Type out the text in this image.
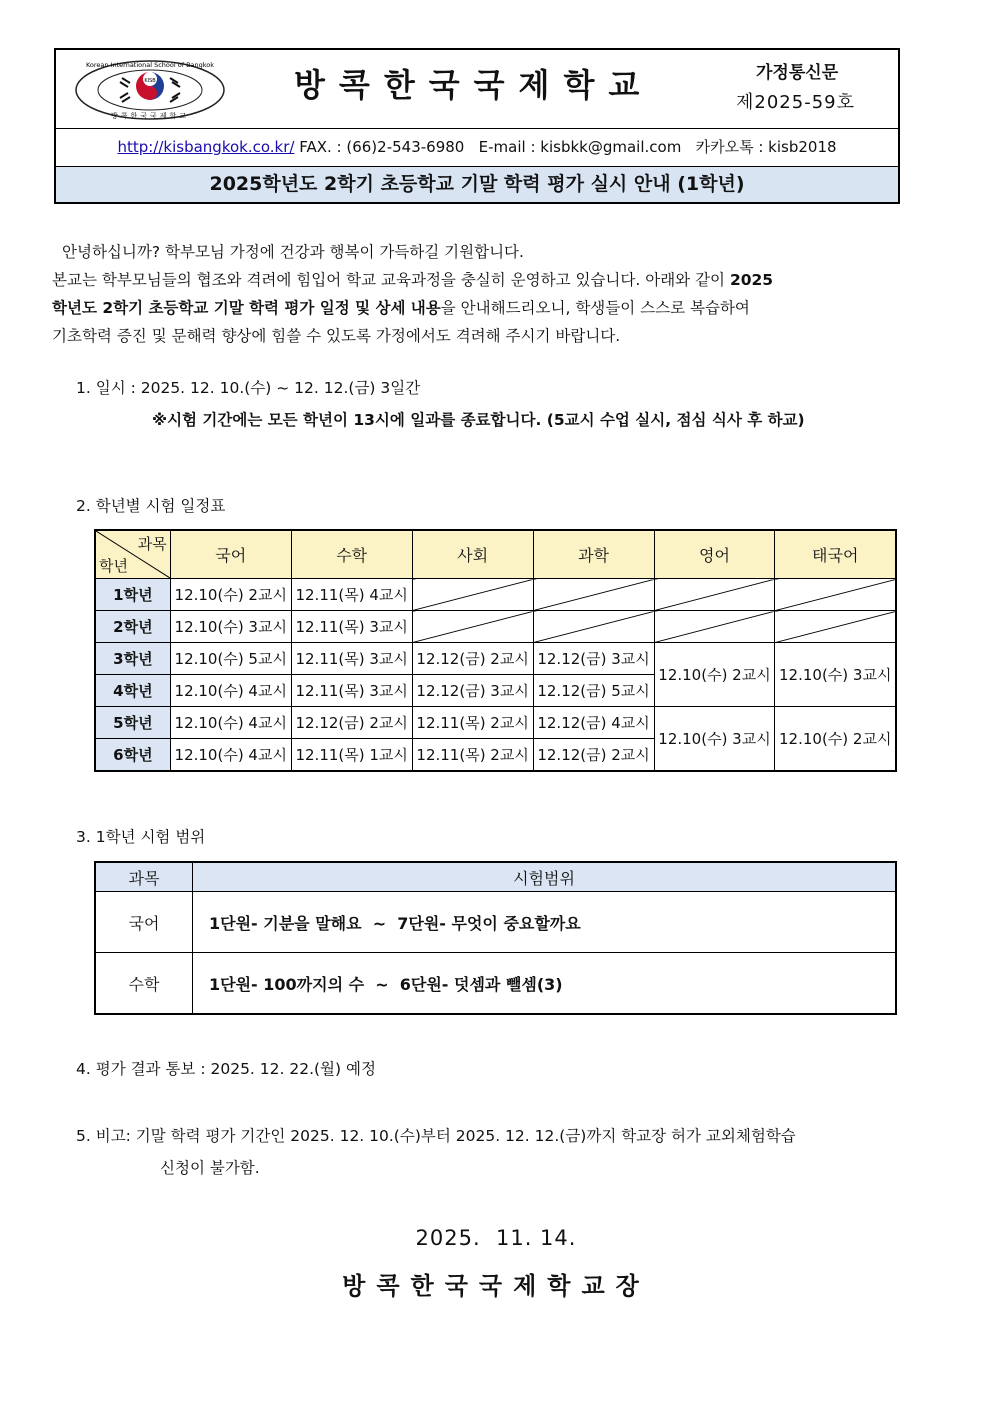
Korean International School of Bangkok
KISB
방콕한국국제학교
방콕한국국제학교	가정통신문
제2025-59호
http://kisbangkok.co.kr/ FAX. : (66)2-543-6980 E-mail : kisbkk@gmail.com 카카오톡 : kisb2018
2025학년도 2학기 초등학교 기말 학력 평가 실시 안내 (1학년)

안녕하십니까? 학부모님 가정에 건강과 행복이 가득하길 기원합니다.

본교는 학부모님들의 협조와 격려에 힘입어 학교 교육과정을 충실히 운영하고 있습니다. 아래와 같이 2025

학년도 2학기 초등학교 기말 학력 평가 일정 및 상세 내용을 안내해드리오니, 학생들이 스스로 복습하여

기초학력 증진 및 문해력 향상에 힘쓸 수 있도록 가정에서도 격려해 주시기 바랍니다.

1. 일시 : 2025. 12. 10.(수) ~ 12. 12.(금) 3일간
※시험 기간에는 모든 학년이 13시에 일과를 종료합니다. (5교시 수업 실시, 점심 식사 후 하교)
2. 학년별 시험 일정표
과목
학년	국어	수학	사회	과학	영어	태국어
1학년	12.10(수) 2교시	12.11(목) 4교시				
2학년	12.10(수) 3교시	12.11(목) 3교시				
3학년	12.10(수) 5교시	12.11(목) 3교시	12.12(금) 2교시	12.12(금) 3교시	12.10(수) 2교시	12.10(수) 3교시
4학년	12.10(수) 4교시	12.11(목) 3교시	12.12(금) 3교시	12.12(금) 5교시		
5학년	12.10(수) 4교시	12.12(금) 2교시	12.11(목) 2교시	12.12(금) 4교시	12.10(수) 3교시	12.10(수) 2교시
6학년	12.10(수) 4교시	12.11(목) 1교시	12.11(목) 2교시	12.12(금) 2교시		
3. 1학년 시험 범위
과목	시험범위
국어	1단원- 기분을 말해요  ~  7단원- 무엇이 중요할까요
수학	1단원- 100까지의 수  ~  6단원- 덧셈과 뺄셈(3)
4. 평가 결과 통보 : 2025. 12. 22.(월) 예정
5. 비고: 기말 학력 평가 기간인 2025. 12. 10.(수)부터 2025. 12. 12.(금)까지 학교장 허가 교외체험학습
신청이 불가함.
2025.  11. 14.
방콕한국국제학교장
